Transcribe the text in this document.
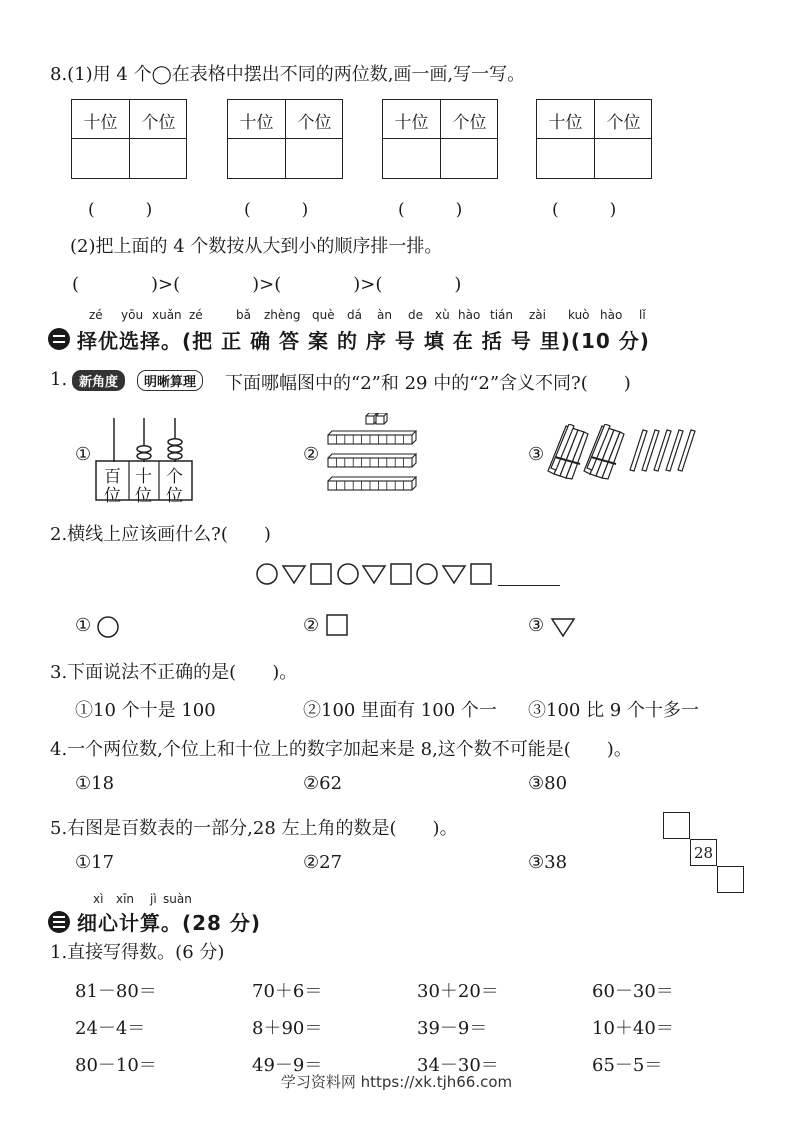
8.(1)用 4 个◯在表格中摆出不同的两位数,画一画,写一写。
十位	个位	十位	个位	十位	个位	十位	个位
(　　　)	(　　　)	(　　　)	(　　　)
(2)把上面的 4 个数按从大到小的顺序排一排。
(　　　　)>(　　　　)>(　　　　)>(　　　　)
zé yōu xuǎn zé	bǎ zhèng què dá àn de xù hào tián zài kuò hào lǐ
择优选择。(把 正 确 答 案 的 序 号 填 在 括 号 里)(10 分)
1. 新角度	明晰算理	下面哪幅图中的“2”和 29 中的“2”含义不同?(　　)
①
百
位
十
位
个
位
②	③
2.横线上应该画什么?(　　)
①	②	③
3.下面说法不正确的是(　　)。
①10 个十是 100	②100 里面有 100 个一 ③100 比 9 个十多一
4.一个两位数,个位上和十位上的数字加起来是 8,这个数不可能是(　　)。
①18	②62	③80
5.右图是百数表的一部分,28 左上角的数是(　　)。
①17	②27	③38	28
xì xīn jì suàn
细心计算。(28 分)
1.直接写得数。(6 分)
81－80＝	70＋6＝	30＋20＝	60－30＝
24－4＝	8＋90＝	39－9＝	10＋40＝
80－10＝	49－9＝	34－30＝	65－5＝
学习资料网 https://xk.tjh66.com
